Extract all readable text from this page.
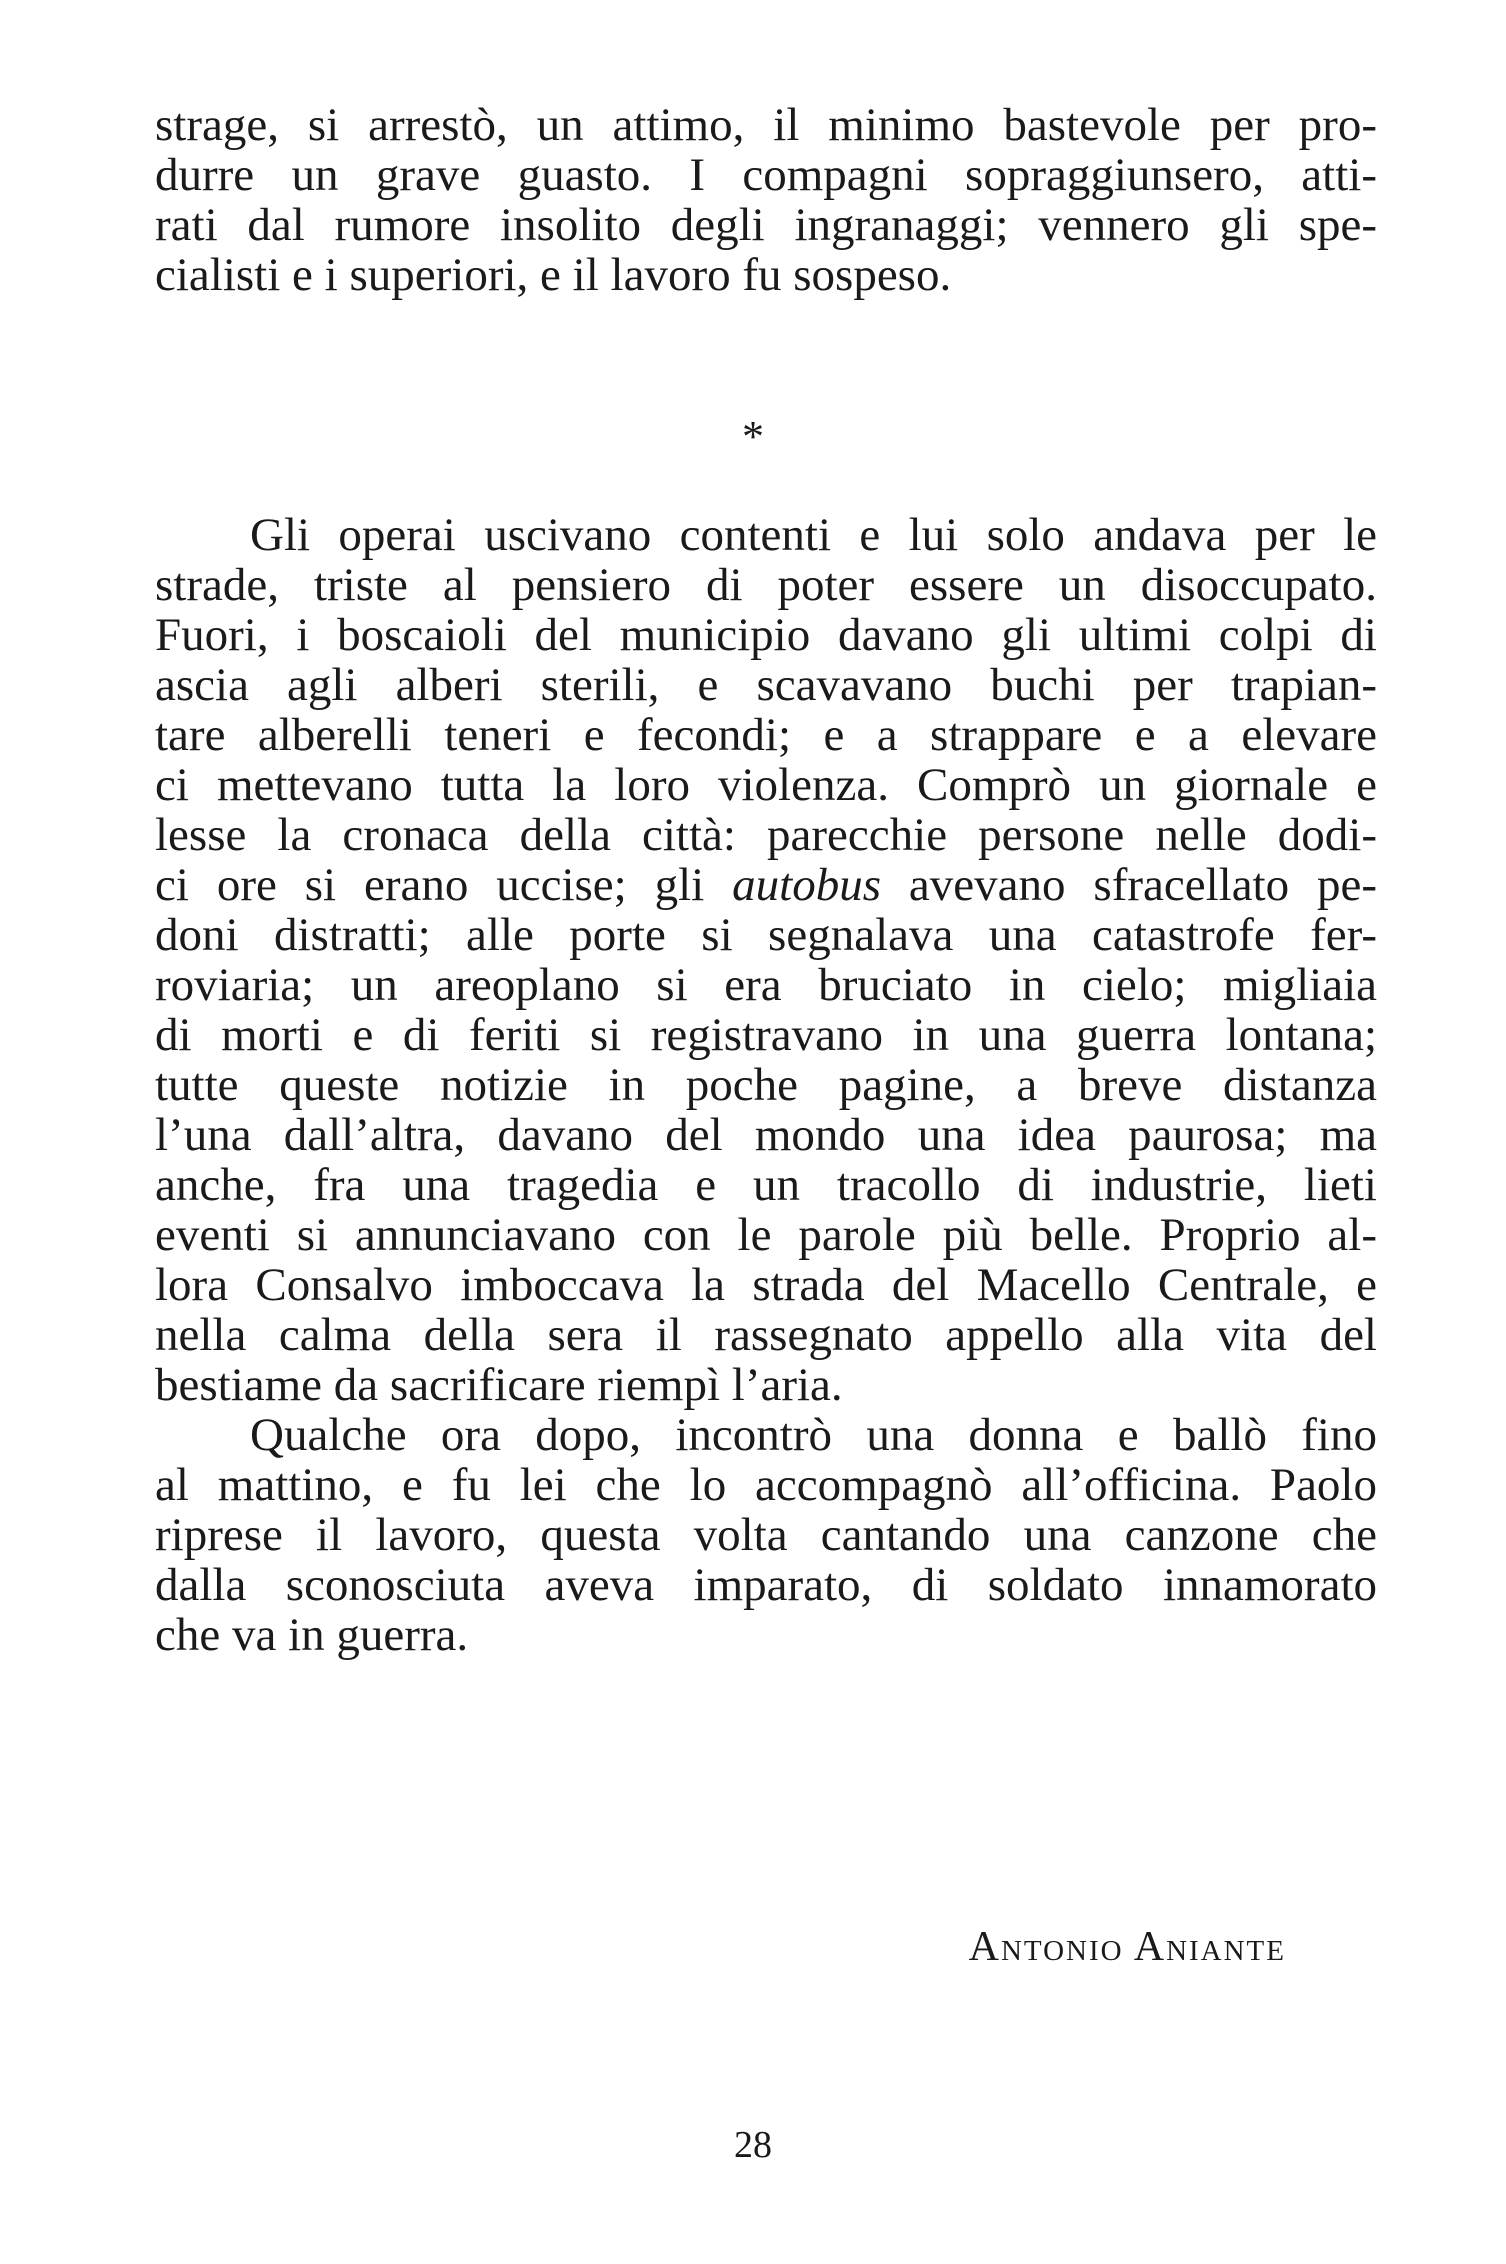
strage, si arrestò, un attimo, il minimo bastevole per pro-
durre un grave guasto. I compagni sopraggiunsero, atti-
rati dal rumore insolito degli ingranaggi; vennero gli spe-
cialisti e i superiori, e il lavoro fu sospeso.
*
Gli operai uscivano contenti e lui solo andava per le
strade, triste al pensiero di poter essere un disoccupato.
Fuori, i boscaioli del municipio davano gli ultimi colpi di
ascia agli alberi sterili, e scavavano buchi per trapian-
tare alberelli teneri e fecondi; e a strappare e a elevare
ci mettevano tutta la loro violenza. Comprò un giornale e
lesse la cronaca della città: parecchie persone nelle dodi-
ci ore si erano uccise; gli autobus avevano sfracellato pe-
doni distratti; alle porte si segnalava una catastrofe fer-
roviaria; un areoplano si era bruciato in cielo; migliaia
di morti e di feriti si registravano in una guerra lontana;
tutte queste notizie in poche pagine, a breve distanza
l’una dall’altra, davano del mondo una idea paurosa; ma
anche, fra una tragedia e un tracollo di industrie, lieti
eventi si annunciavano con le parole più belle. Proprio al-
lora Consalvo imboccava la strada del Macello Centrale, e
nella calma della sera il rassegnato appello alla vita del
bestiame da sacrificare riempì l’aria.
Qualche ora dopo, incontrò una donna e ballò fino
al mattino, e fu lei che lo accompagnò all’officina. Paolo
riprese il lavoro, questa volta cantando una canzone che
dalla sconosciuta aveva imparato, di soldato innamorato
che va in guerra.
Antonio Aniante
28
